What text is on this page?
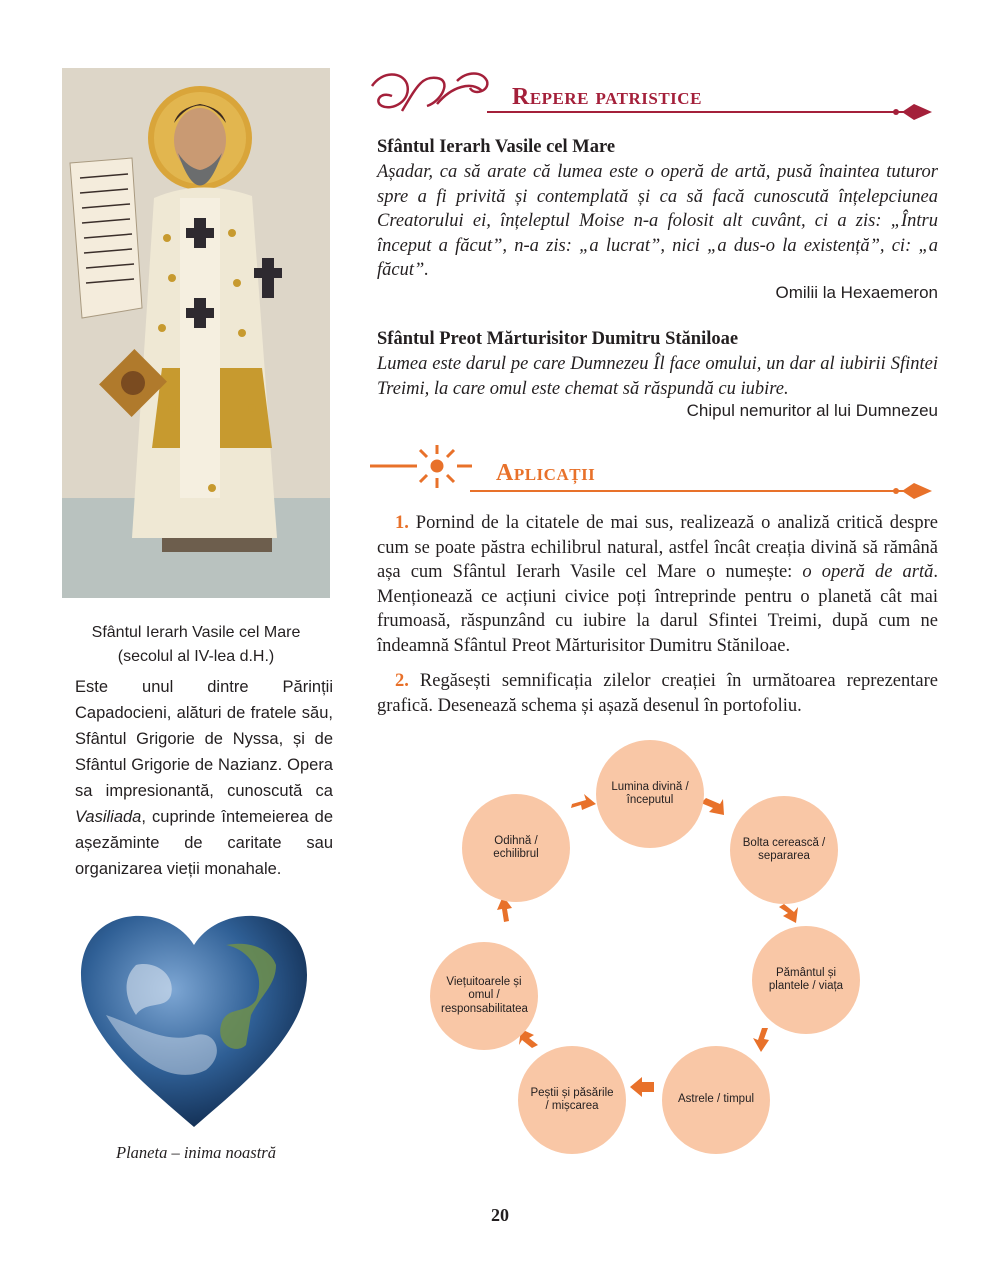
Sfântul Ierarh Vasile cel Mare
(secolul al IV-lea d.H.)
Este unul dintre Părinții Capadocieni, alături de fratele său, Sfântul Grigorie de Nyssa, și de Sfântul Grigorie de Nazianz. Opera sa impresionantă, cunoscută ca Vasiliada, cuprinde întemeierea de așezăminte de caritate sau organizarea vieții monahale.
Planeta – inima noastră
Repere patristice
Sfântul Ierarh Vasile cel Mare
Așadar, ca să arate că lumea este o operă de artă, pusă înaintea tuturor spre a fi privită și contemplată și ca să facă cunoscută înțelepciunea Creatorului ei, înțeleptul Moise n-a folosit alt cuvânt, ci a zis: „Întru început a făcut”, n-a zis: „a lucrat”, nici „a dus-o la existență”, ci: „a făcut”.
Omilii la Hexaemeron
Sfântul Preot Mărturisitor Dumitru Stăniloae
Lumea este darul pe care Dumnezeu Îl face omului, un dar al iubirii Sfintei Treimi, la care omul este chemat să răspundă cu iubire.
Chipul nemuritor al lui Dumnezeu
Aplicații
1. Pornind de la citatele de mai sus, realizează o analiză critică despre cum se poate păstra echilibrul natural, astfel încât creația divină să rămână așa cum Sfântul Ierarh Vasile cel Mare o numește: o operă de artă. Menționează ce acțiuni civice poți întreprinde pentru o planetă cât mai frumoasă, răspunzând cu iubire la darul Sfintei Treimi, după cum ne îndeamnă Sfântul Preot Mărturisitor Dumitru Stăniloae.
2. Regăsești semnificația zilelor creației în următoarea reprezentare grafică. Desenează schema și așază desenul în portofoliu.
Lumina divină / începutul
Bolta cerească / separarea
Pământul și plantele / viața
Astrele / timpul
Peștii și păsările / mișcarea
Viețuitoarele și omul / responsabilitatea
Odihnă / echilibrul
20
